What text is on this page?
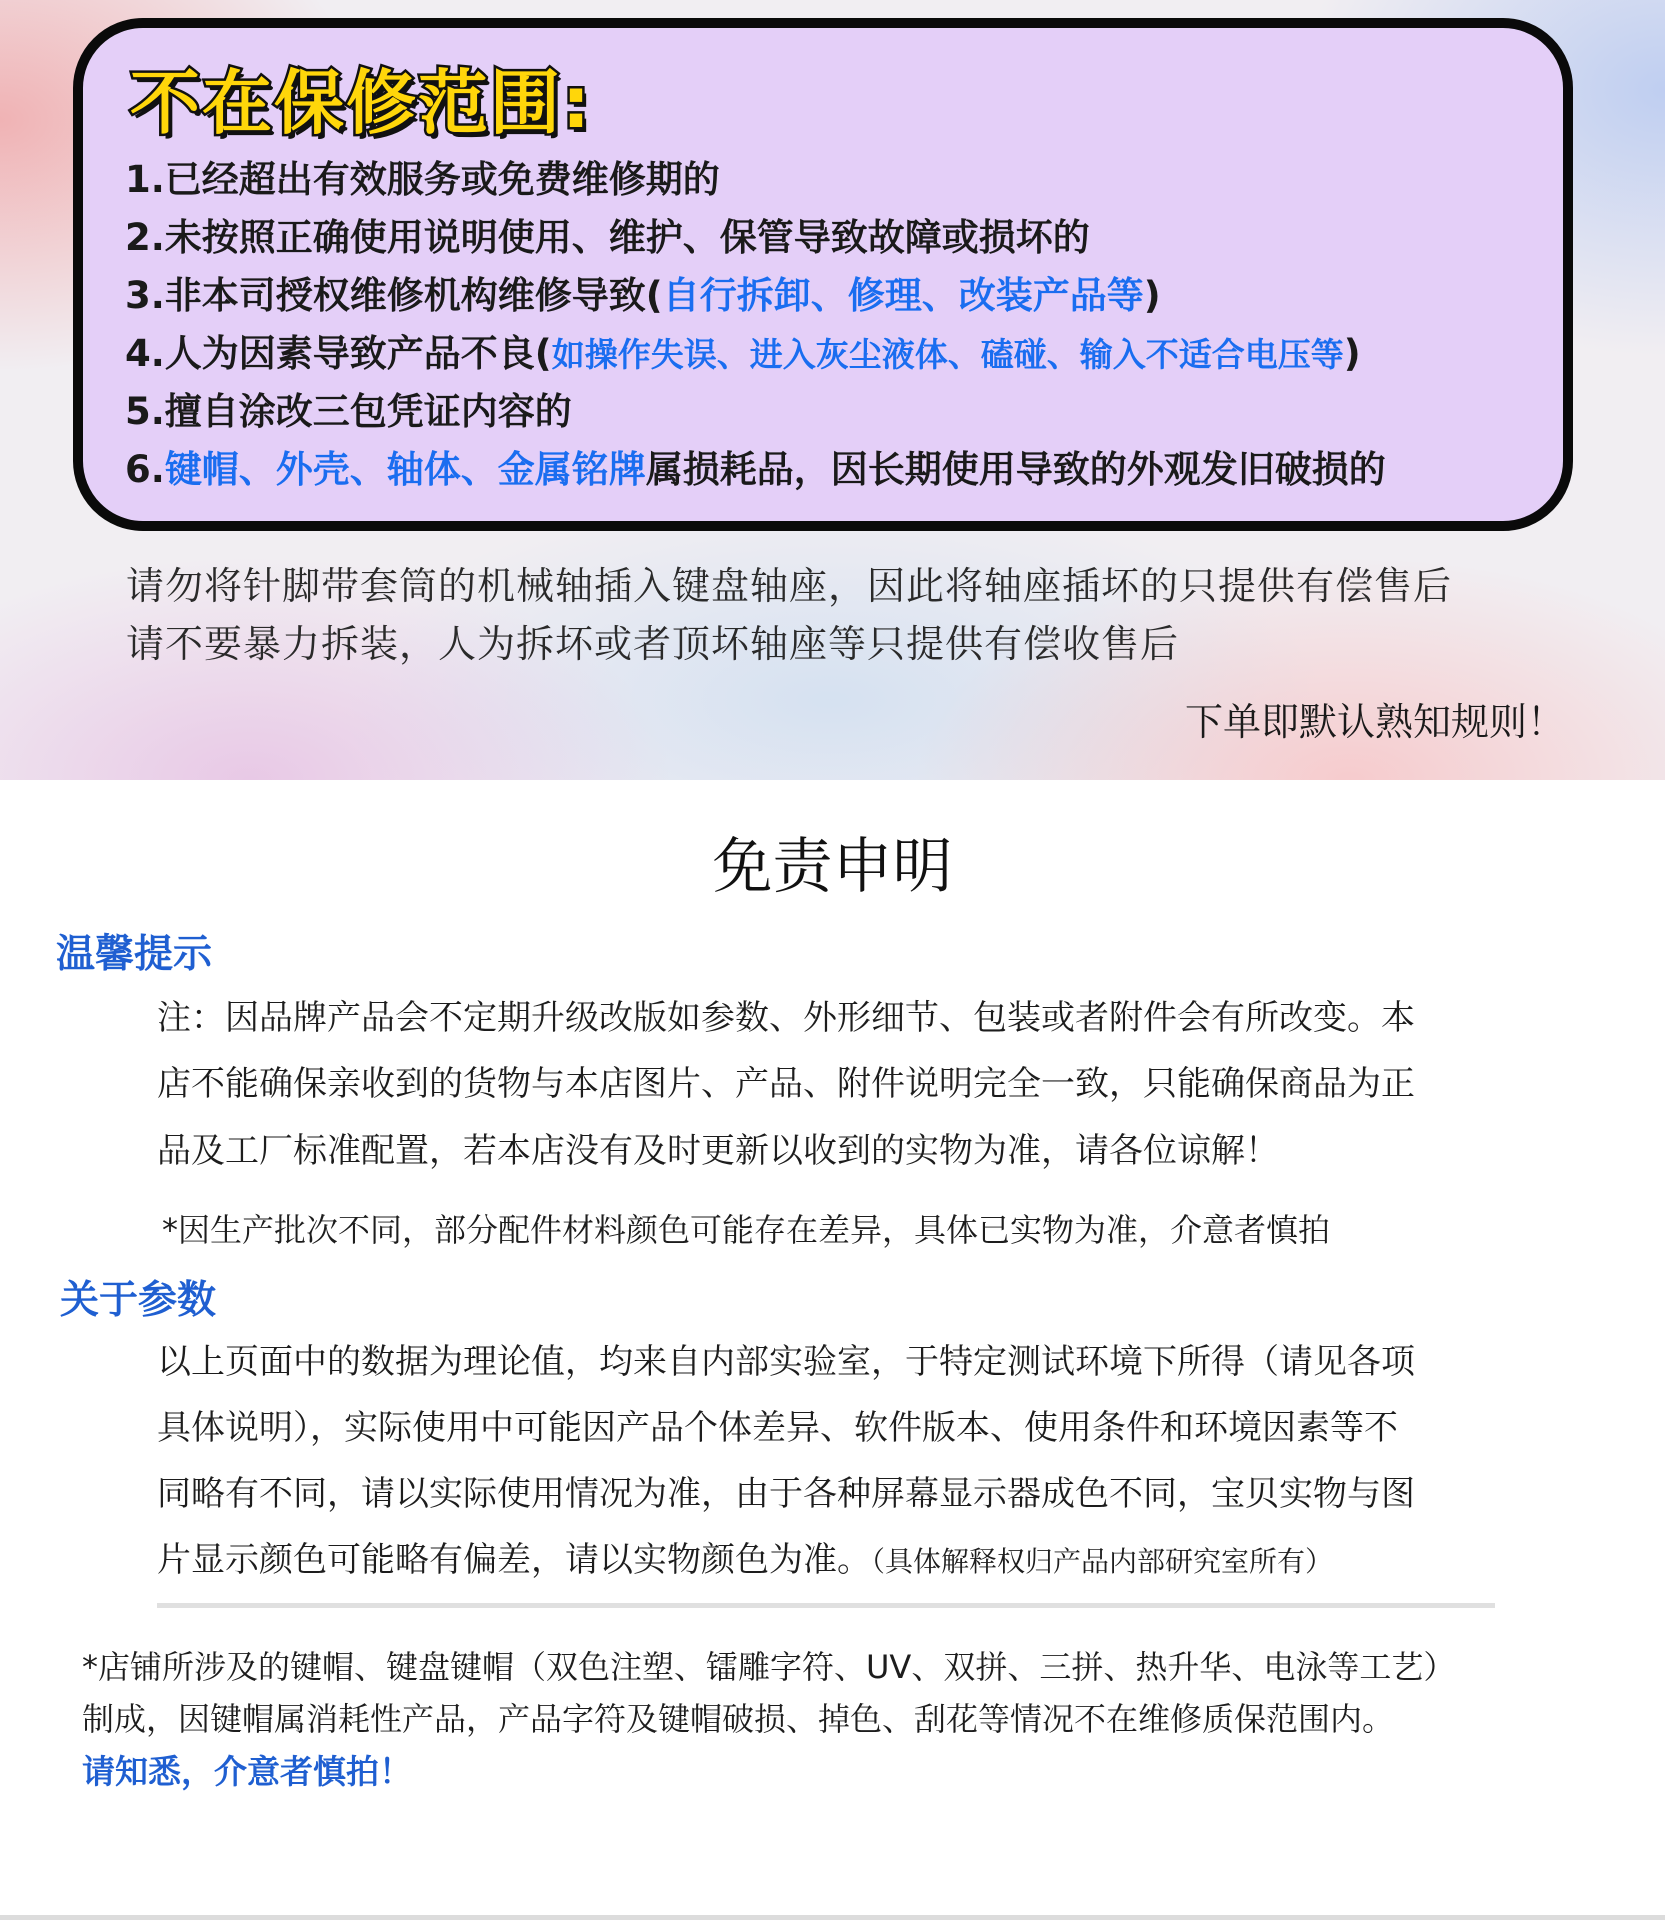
不在保修范围:
1.已经超出有效服务或免费维修期的
2.未按照正确使用说明使用、维护、保管导致故障或损坏的
3.非本司授权维修机构维修导致(自行拆卸、修理、改装产品等)
4.人为因素导致产品不良(如操作失误、进入灰尘液体、磕碰、输入不适合电压等)
5.擅自涂改三包凭证内容的
6.键帽、外壳、轴体、金属铭牌属损耗品，因长期使用导致的外观发旧破损的
请勿将针脚带套筒的机械轴插入键盘轴座，因此将轴座插坏的只提供有偿售后
请不要暴力拆装，人为拆坏或者顶坏轴座等只提供有偿收售后
下单即默认熟知规则！
免责申明
温馨提示
注：因品牌产品会不定期升级改版如参数、外形细节、包装或者附件会有所改变。本
店不能确保亲收到的货物与本店图片、产品、附件说明完全一致，只能确保商品为正
品及工厂标准配置，若本店没有及时更新以收到的实物为准，请各位谅解！
*因生产批次不同，部分配件材料颜色可能存在差异，具体已实物为准，介意者慎拍
关于参数
以上页面中的数据为理论值，均来自内部实验室，于特定测试环境下所得（请见各项
具体说明），实际使用中可能因产品个体差异、软件版本、使用条件和环境因素等不
同略有不同，请以实际使用情况为准，由于各种屏幕显示器成色不同，宝贝实物与图
片显示颜色可能略有偏差，请以实物颜色为准。（具体解释权归产品内部研究室所有）
*店铺所涉及的键帽、键盘键帽（双色注塑、镭雕字符、UV、双拼、三拼、热升华、电泳等工艺）
制成，因键帽属消耗性产品，产品字符及键帽破损、掉色、刮花等情况不在维修质保范围内。
请知悉，介意者慎拍！
